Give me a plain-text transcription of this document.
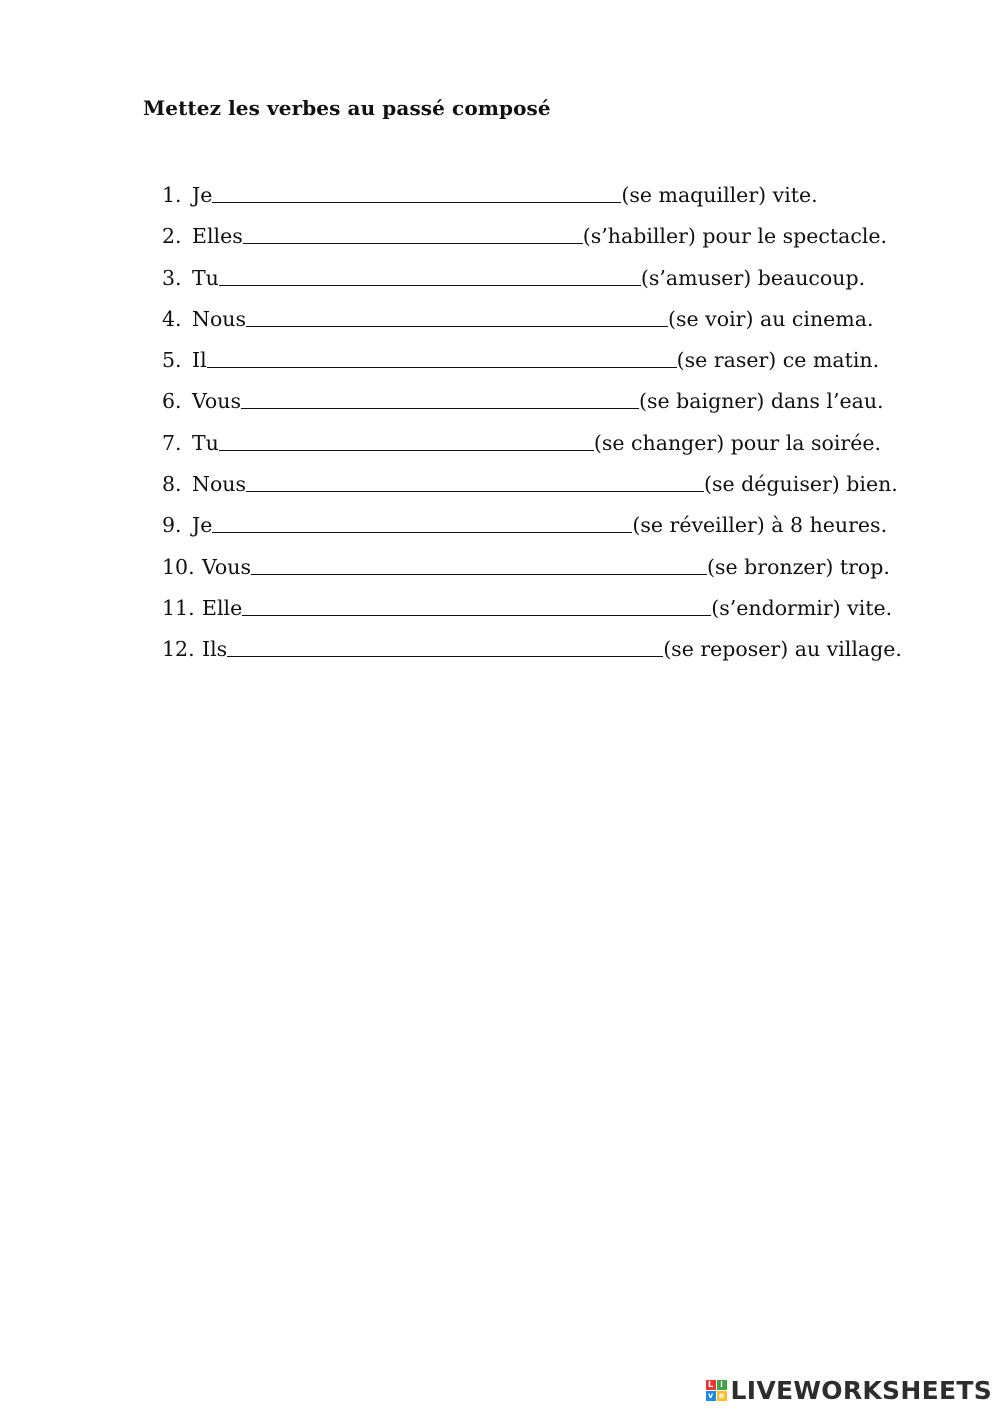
Mettez les verbes au passé composé
1. Je	(se maquiller) vite.
2. Elles	(s’habiller) pour le spectacle.
3. Tu	(s’amuser) beaucoup.
4. Nous	(se voir) au cinema.
5. Il	(se raser) ce matin.
6. Vous	(se baigner) dans l’eau.
7. Tu	(se changer) pour la soirée.
8. Nous	(se déguiser) bien.
9. Je	(se réveiller) à 8 heures.
10. Vous	(se bronzer) trop.
11. Elle	(s’endormir) vite.
12. Ils	(se reposer) au village.
L i
v e LIVEWORKSHEETS
